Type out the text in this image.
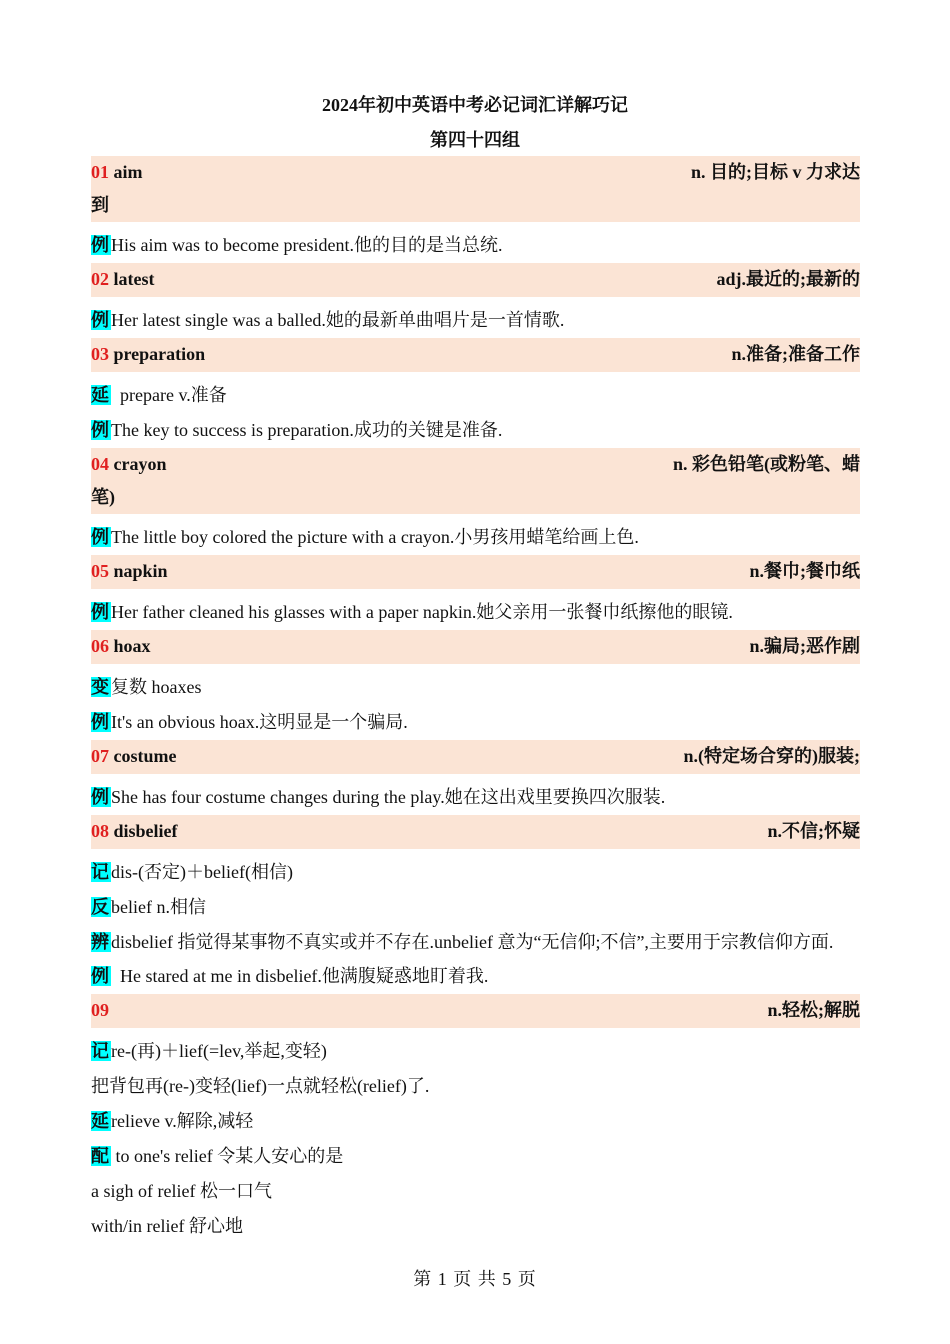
2024年初中英语中考必记词汇详解巧记
第四十四组
01 aim	n. 目的;目标 v 力求达
到
例 His aim was to become president.他的目的是当总统.
02 latest	adj.最近的;最新的
例 Her latest single was a balled.她的最新单曲唱片是一首情歌.
03 preparation	n.准备;准备工作
延  prepare v.准备
例 The key to success is preparation.成功的关键是准备.
04 crayon	n. 彩色铅笔(或粉笔、蜡
笔)
例 The little boy colored the picture with a crayon.小男孩用蜡笔给画上色.
05 napkin	n.餐巾;餐巾纸
例 Her father cleaned his glasses with a paper napkin.她父亲用一张餐巾纸擦他的眼镜.
06 hoax	n.骗局;恶作剧
变 复数 hoaxes
例 It's an obvious hoax.这明显是一个骗局.
07 costume	n.(特定场合穿的)服装;
例 She has four costume changes during the play.她在这出戏里要换四次服装.
08 disbelief	n.不信;怀疑
记 dis-(否定)＋belief(相信)
反 belief n.相信
辨 disbelief 指觉得某事物不真实或并不存在.unbelief 意为“无信仰;不信”,主要用于宗教信仰方面.
例  He stared at me in disbelief.他满腹疑惑地盯着我.
09	n.轻松;解脱
记 re-(再)＋lief(=lev,举起,变轻)
把背包再(re-)变轻(lief)一点就轻松(relief)了.
延 relieve v.解除,减轻
配 to one's relief 令某人安心的是
a sigh of relief 松一口气
with/in relief 舒心地
第 1 页 共 5 页
